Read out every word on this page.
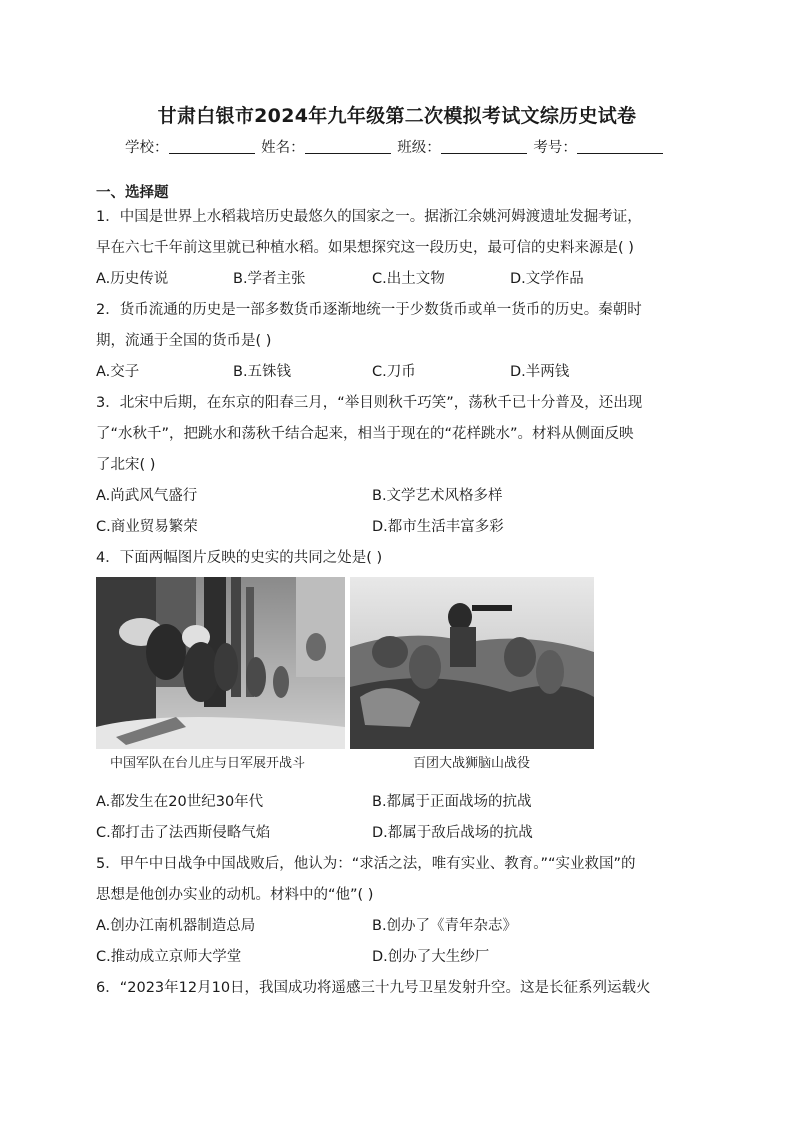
甘肃白银市2024年九年级第二次模拟考试文综历史试卷
学校：	姓名：	班级：	考号：
一、选择题
1．中国是世界上水稻栽培历史最悠久的国家之一。据浙江余姚河姆渡遗址发掘考证，
早在六七千年前这里就已种植水稻。如果想探究这一段历史，最可信的史料来源是( )
A.历史传说	B.学者主张	C.出土文物	D.文学作品
2．货币流通的历史是一部多数货币逐渐地统一于少数货币或单一货币的历史。秦朝时
期，流通于全国的货币是( )
A.交子	B.五铢钱	C.刀币	D.半两钱
3．北宋中后期，在东京的阳春三月，“举目则秋千巧笑”，荡秋千已十分普及，还出现
了“水秋千”，把跳水和荡秋千结合起来，相当于现在的“花样跳水”。材料从侧面反映
了北宋( )
A.尚武风气盛行	B.文学艺术风格多样
C.商业贸易繁荣	D.都市生活丰富多彩
4．下面两幅图片反映的史实的共同之处是( )
中国军队在台儿庄与日军展开战斗	百团大战狮脑山战役
A.都发生在20世纪30年代	B.都属于正面战场的抗战
C.都打击了法西斯侵略气焰	D.都属于敌后战场的抗战
5．甲午中日战争中国战败后，他认为：“求活之法，唯有实业、教育。”“实业救国”的
思想是他创办实业的动机。材料中的“他”( )
A.创办江南机器制造总局	B.创办了《青年杂志》
C.推动成立京师大学堂	D.创办了大生纱厂
6．“2023年12月10日，我国成功将遥感三十九号卫星发射升空。这是长征系列运载火
